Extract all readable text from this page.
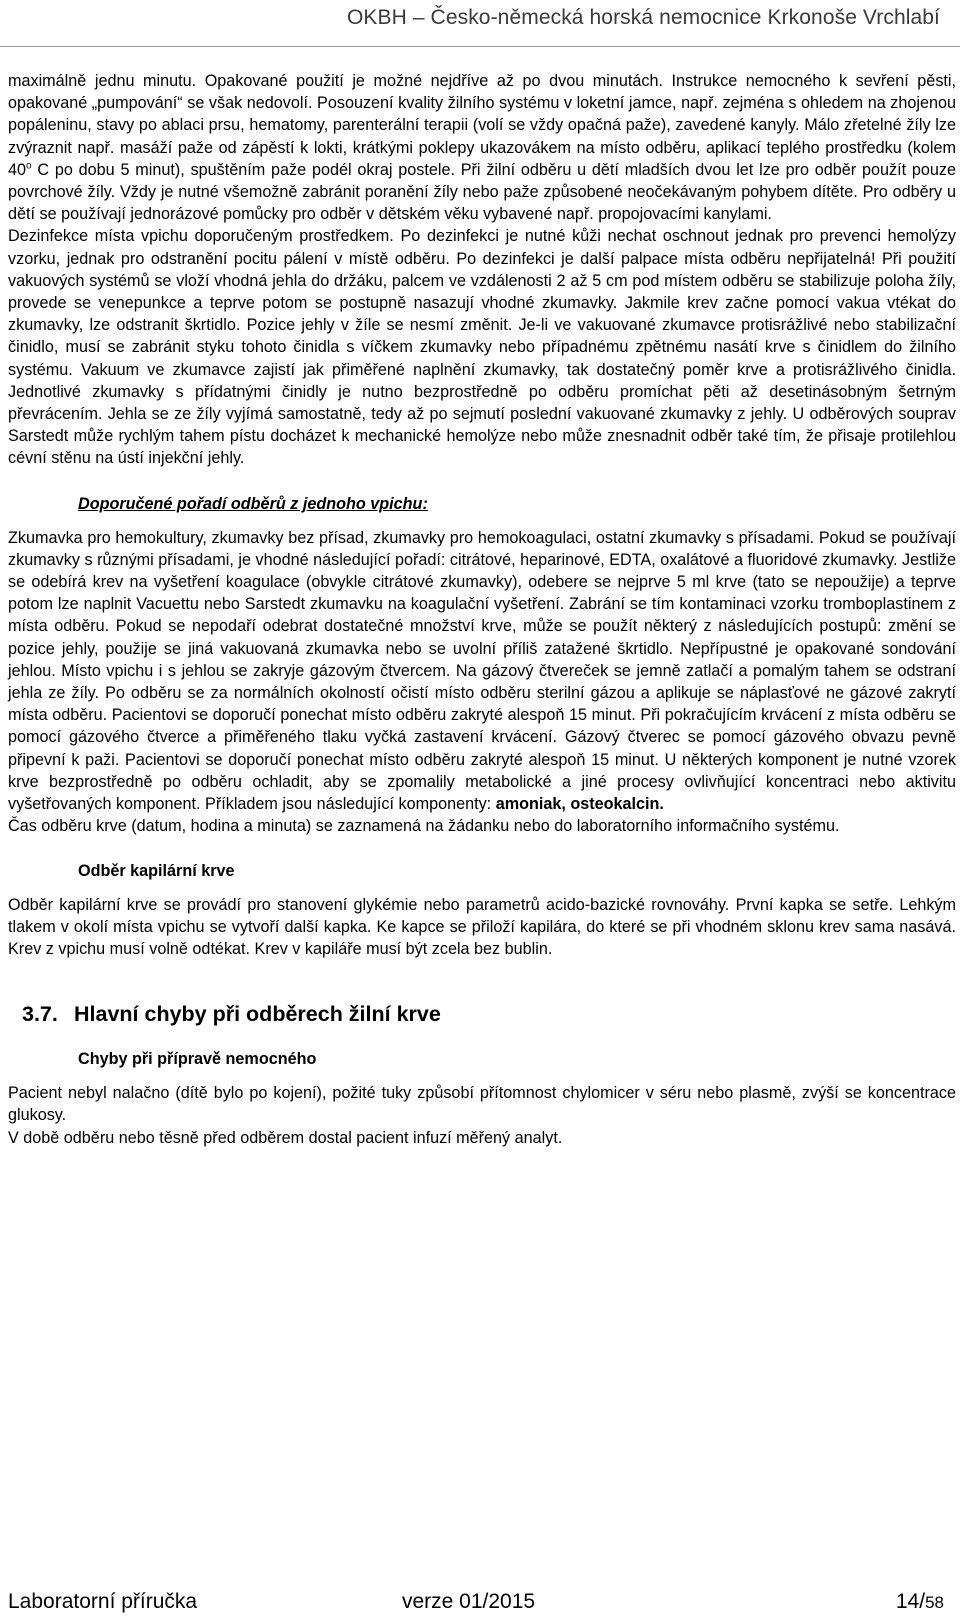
OKBH – Česko-německá horská nemocnice Krkonoše Vrchlabí

maximálně jednu minutu. Opakované použití je možné nejdříve až po dvou minutách. Instrukce nemocného k sevření pěsti, opakované „pumpování“ se však nedovolí. Posouzení kvality žilního systému v loketní jamce, např. zejména s ohledem na zhojenou popáleninu, stavy po ablaci prsu, hematomy, parenterální terapii (volí se vždy opačná paže), zavedené kanyly. Málo zřetelné žíly lze zvýraznit např. masáží paže od zápěstí k lokti, krátkými poklepy ukazovákem na místo odběru, aplikací teplého prostředku (kolem 40$^o$ C po dobu 5 minut), spuštěním paže podél okraj postele. Při žilní odběru u dětí mladších dvou let lze pro odběr použít pouze povrchové žíly. Vždy je nutné všemožně zabránit poranění žíly nebo paže způsobené neočekávaným pohybem dítěte. Pro odběry u dětí se používají jednorázové pomůcky pro odběr v dětském věku vybavené např. propojovacími kanylami.

Dezinfekce místa vpichu doporučeným prostředkem. Po dezinfekci je nutné kůži nechat oschnout jednak pro prevenci hemolýzy vzorku, jednak pro odstranění pocitu pálení v místě odběru. Po dezinfekci je další palpace místa odběru nepřijatelná! Při použití vakuových systémů se vloží vhodná jehla do držáku, palcem ve vzdálenosti 2 až 5 cm pod místem odběru se stabilizuje poloha žíly, provede se venepunkce a teprve potom se postupně nasazují vhodné zkumavky. Jakmile krev začne pomocí vakua vtékat do zkumavky, lze odstranit škrtidlo. Pozice jehly v žíle se nesmí změnit. Je-li ve vakuované zkumavce protisrážlivé nebo stabilizační činidlo, musí se zabránit styku tohoto činidla s víčkem zkumavky nebo případnému zpětnému nasátí krve s činidlem do žilního systému. Vakuum ve zkumavce zajistí jak přiměřené naplnění zkumavky, tak dostatečný poměr krve a protisrážlivého činidla. Jednotlivé zkumavky s přídatnými činidly je nutno bezprostředně po odběru promíchat pěti až desetinásobným šetrným převrácením. Jehla se ze žíly vyjímá samostatně, tedy až po sejmutí poslední vakuované zkumavky z jehly. U odběrových souprav Sarstedt může rychlým tahem pístu docházet k mechanické hemolýze nebo může znesnadnit odběr také tím, že přisaje protilehlou cévní stěnu na ústí injekční jehly.

Doporučené pořadí odběrů z jednoho vpichu:

Zkumavka pro hemokultury, zkumavky bez přísad, zkumavky pro hemokoagulaci, ostatní zkumavky s přísadami. Pokud se používají zkumavky s různými přísadami, je vhodné následující pořadí: citrátové, heparinové, EDTA, oxalátové a fluoridové zkumavky. Jestliže se odebírá krev na vyšetření koagulace (obvykle citrátové zkumavky), odebere se nejprve 5 ml krve (tato se nepoužije) a teprve potom lze naplnit Vacuettu nebo Sarstedt zkumavku na koagulační vyšetření. Zabrání se tím kontaminaci vzorku tromboplastinem z místa odběru. Pokud se nepodaří odebrat dostatečné množství krve, může se použít některý z následujících postupů: změní se pozice jehly, použije se jiná vakuovaná zkumavka nebo se uvolní příliš zatažené škrtidlo. Nepřípustné je opakované sondování jehlou. Místo vpichu i s jehlou se zakryje gázovým čtvercem. Na gázový čtvereček se jemně zatlačí a pomalým tahem se odstraní jehla ze žíly. Po odběru se za normálních okolností očistí místo odběru sterilní gázou a aplikuje se náplasťové ne gázové zakrytí místa odběru. Pacientovi se doporučí ponechat místo odběru zakryté alespoň 15 minut. Při pokračujícím krvácení z místa odběru se pomocí gázového čtverce a přiměřeného tlaku vyčká zastavení krvácení. Gázový čtverec se pomocí gázového obvazu pevně připevní k paži. Pacientovi se doporučí ponechat místo odběru zakryté alespoň 15 minut. U některých komponent je nutné vzorek krve bezprostředně po odběru ochladit, aby se zpomalily metabolické a jiné procesy ovlivňující koncentraci nebo aktivitu vyšetřovaných komponent. Příkladem jsou následující komponenty: amoniak, osteokalcin.

Čas odběru krve (datum, hodina a minuta) se zaznamená na žádanku nebo do laboratorního informačního systému.

Odběr kapilární krve

Odběr kapilární krve se provádí pro stanovení glykémie nebo parametrů acido-bazické rovnováhy. První kapka se setře. Lehkým tlakem v okolí místa vpichu se vytvoří další kapka. Ke kapce se přiloží kapilára, do které se při vhodném sklonu krev sama nasává. Krev z vpichu musí volně odtékat. Krev v kapiláře musí být zcela bez bublin.

3.7. Hlavní chyby při odběrech žilní krve
Chyby při přípravě nemocného

Pacient nebyl nalačno (dítě bylo po kojení), požité tuky způsobí přítomnost chylomicer v séru nebo plasmě, zvýší se koncentrace glukosy.

V době odběru nebo těsně před odběrem dostal pacient infuzí měřený analyt.

Laboratorní příručka	verze 01/2015	14/58
